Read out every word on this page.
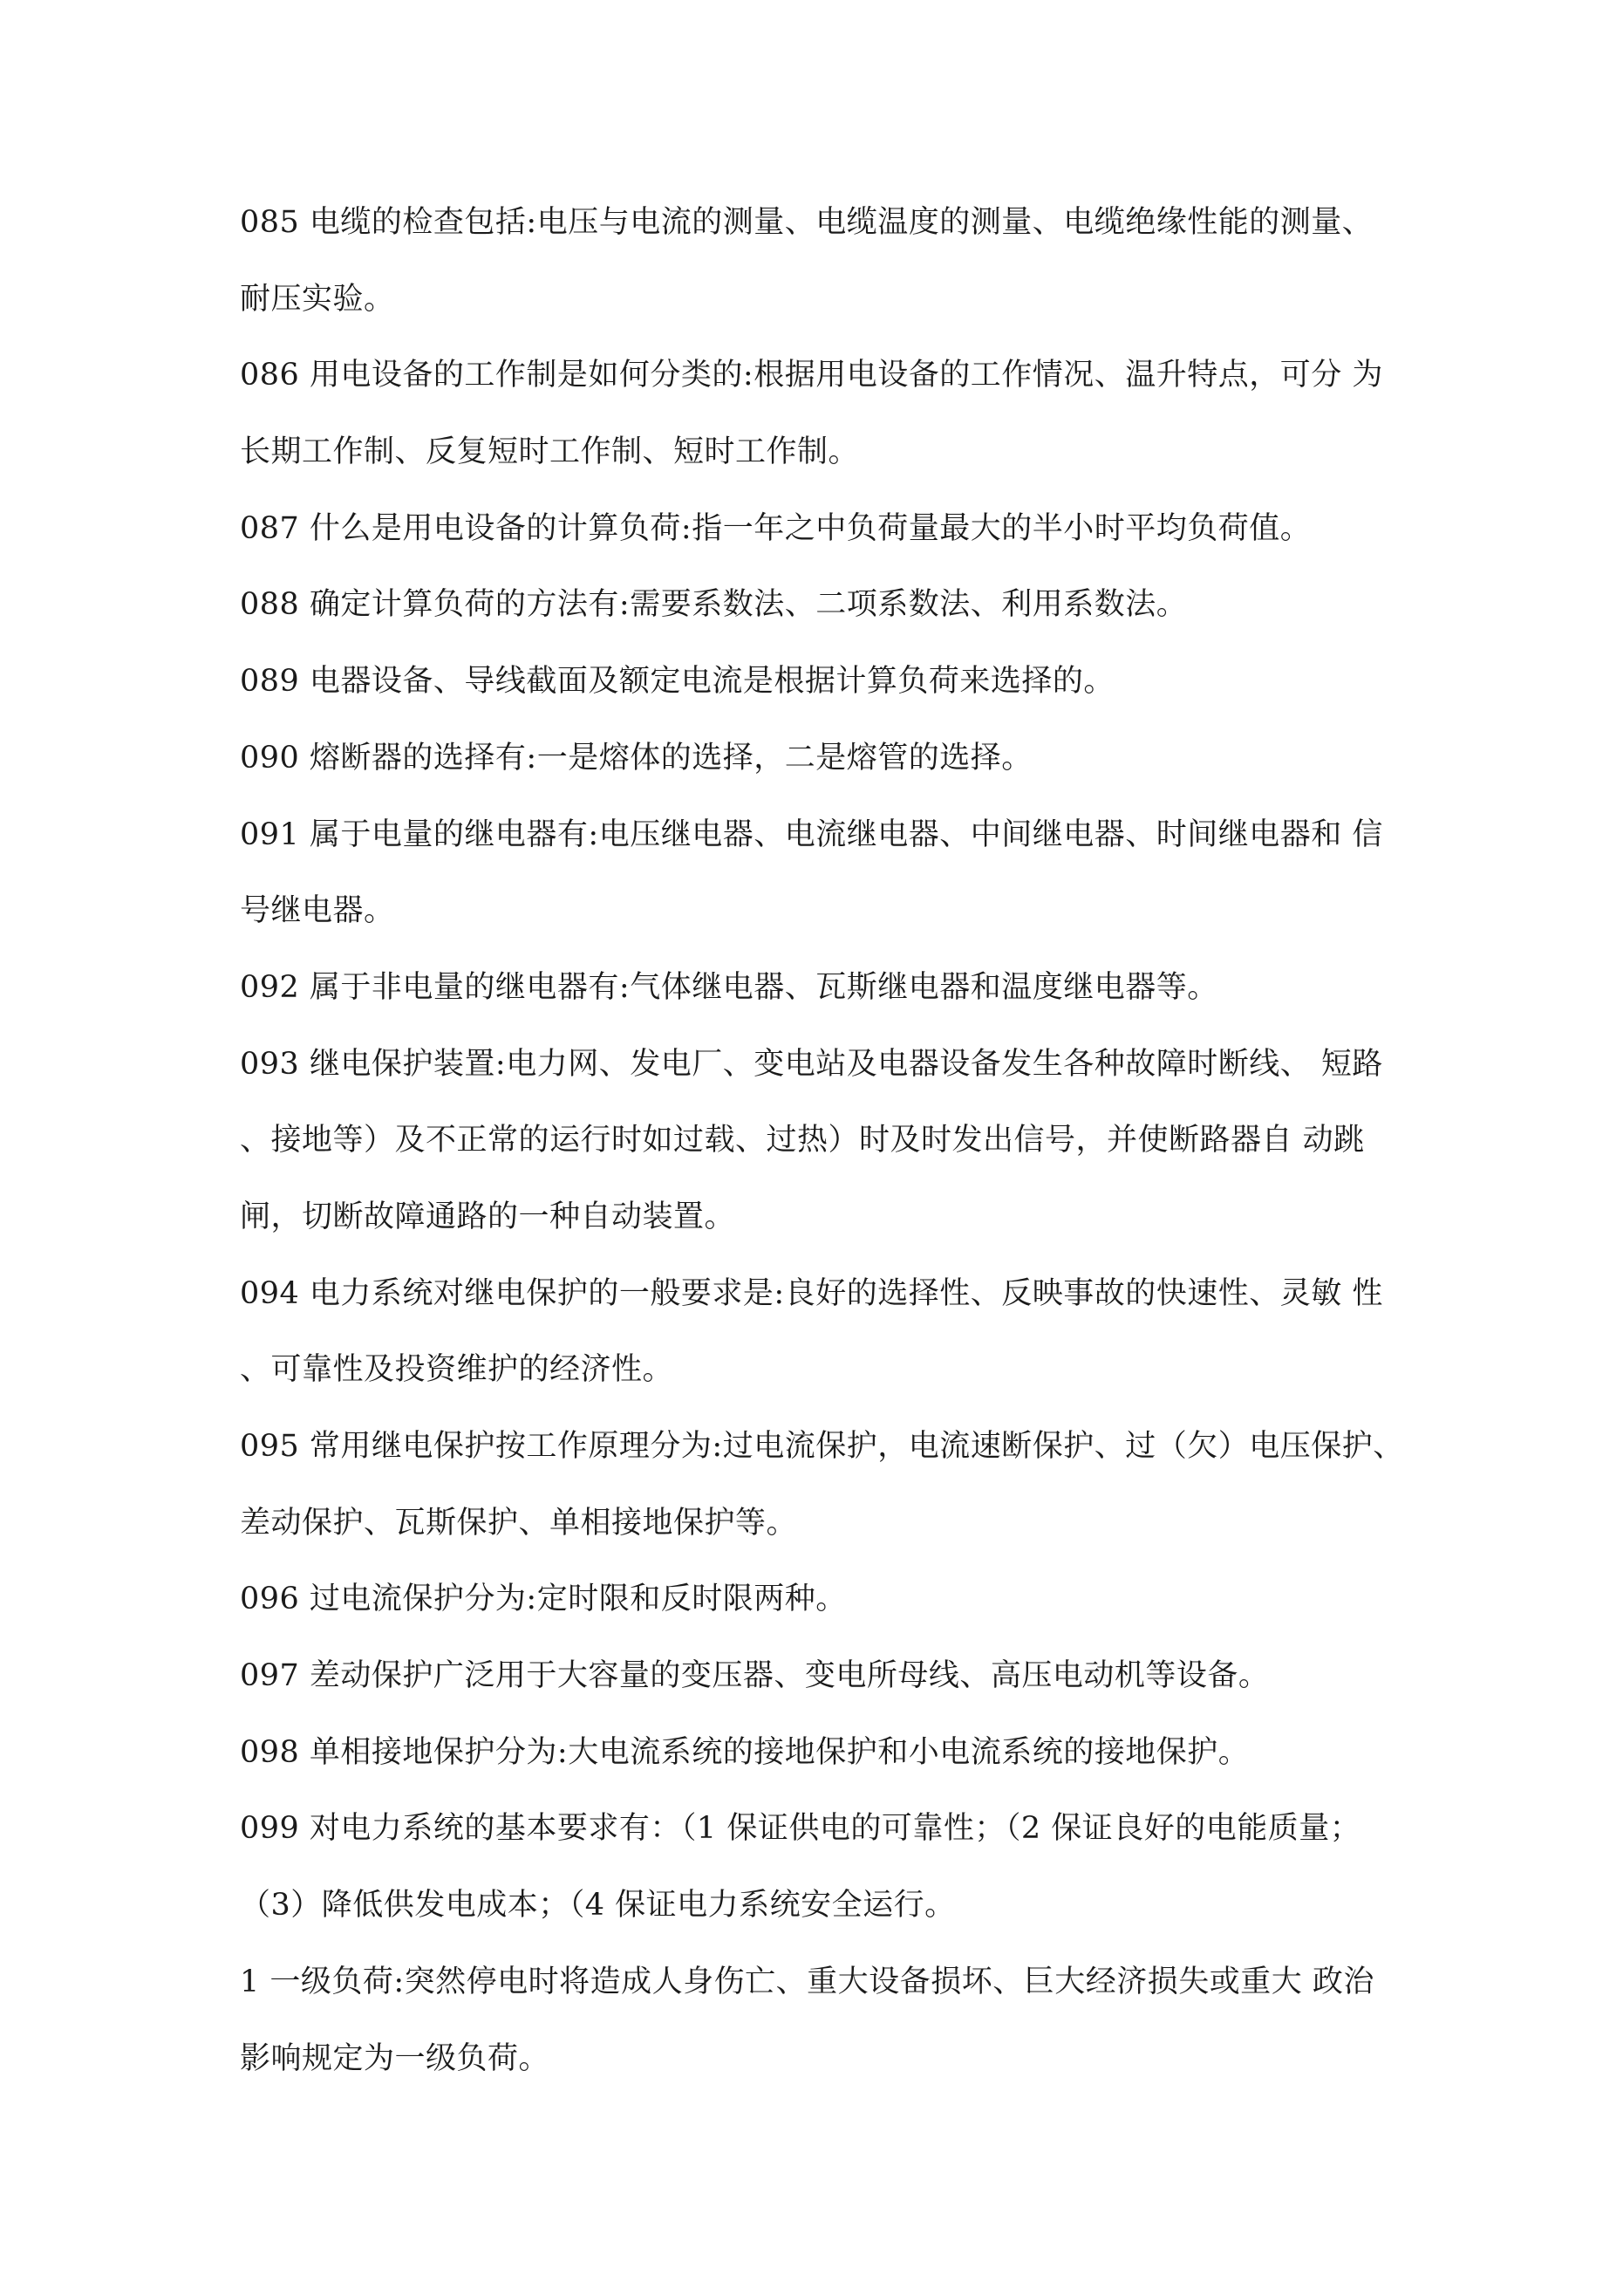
085 电缆的检查包括:电压与电流的测量、电缆温度的测量、电缆绝缘性能的测量、
耐压实验。
086 用电设备的工作制是如何分类的:根据用电设备的工作情况、温升特点，可分 为
长期工作制、反复短时工作制、短时工作制。
087 什么是用电设备的计算负荷:指一年之中负荷量最大的半小时平均负荷值。
088 确定计算负荷的方法有:需要系数法、二项系数法、利用系数法。
089 电器设备、导线截面及额定电流是根据计算负荷来选择的。
090 熔断器的选择有:一是熔体的选择，二是熔管的选择。
091 属于电量的继电器有:电压继电器、电流继电器、中间继电器、时间继电器和 信
号继电器。
092 属于非电量的继电器有:气体继电器、瓦斯继电器和温度继电器等。
093 继电保护装置:电力网、发电厂、变电站及电器设备发生各种故障时断线、 短路
、接地等）及不正常的运行时如过载、过热）时及时发出信号，并使断路器自 动跳
闸，切断故障通路的一种自动装置。
094 电力系统对继电保护的一般要求是:良好的选择性、反映事故的快速性、灵敏 性
、可靠性及投资维护的经济性。
095 常用继电保护按工作原理分为:过电流保护，电流速断保护、过（欠）电压保护、
差动保护、瓦斯保护、单相接地保护等。
096 过电流保护分为:定时限和反时限两种。
097 差动保护广泛用于大容量的变压器、变电所母线、高压电动机等设备。
098 单相接地保护分为:大电流系统的接地保护和小电流系统的接地保护。
099 对电力系统的基本要求有：（1 保证供电的可靠性；（2 保证良好的电能质量；
（3）降低供发电成本；（4 保证电力系统安全运行。
1 一级负荷:突然停电时将造成人身伤亡、重大设备损坏、巨大经济损失或重大 政治
影响规定为一级负荷。
